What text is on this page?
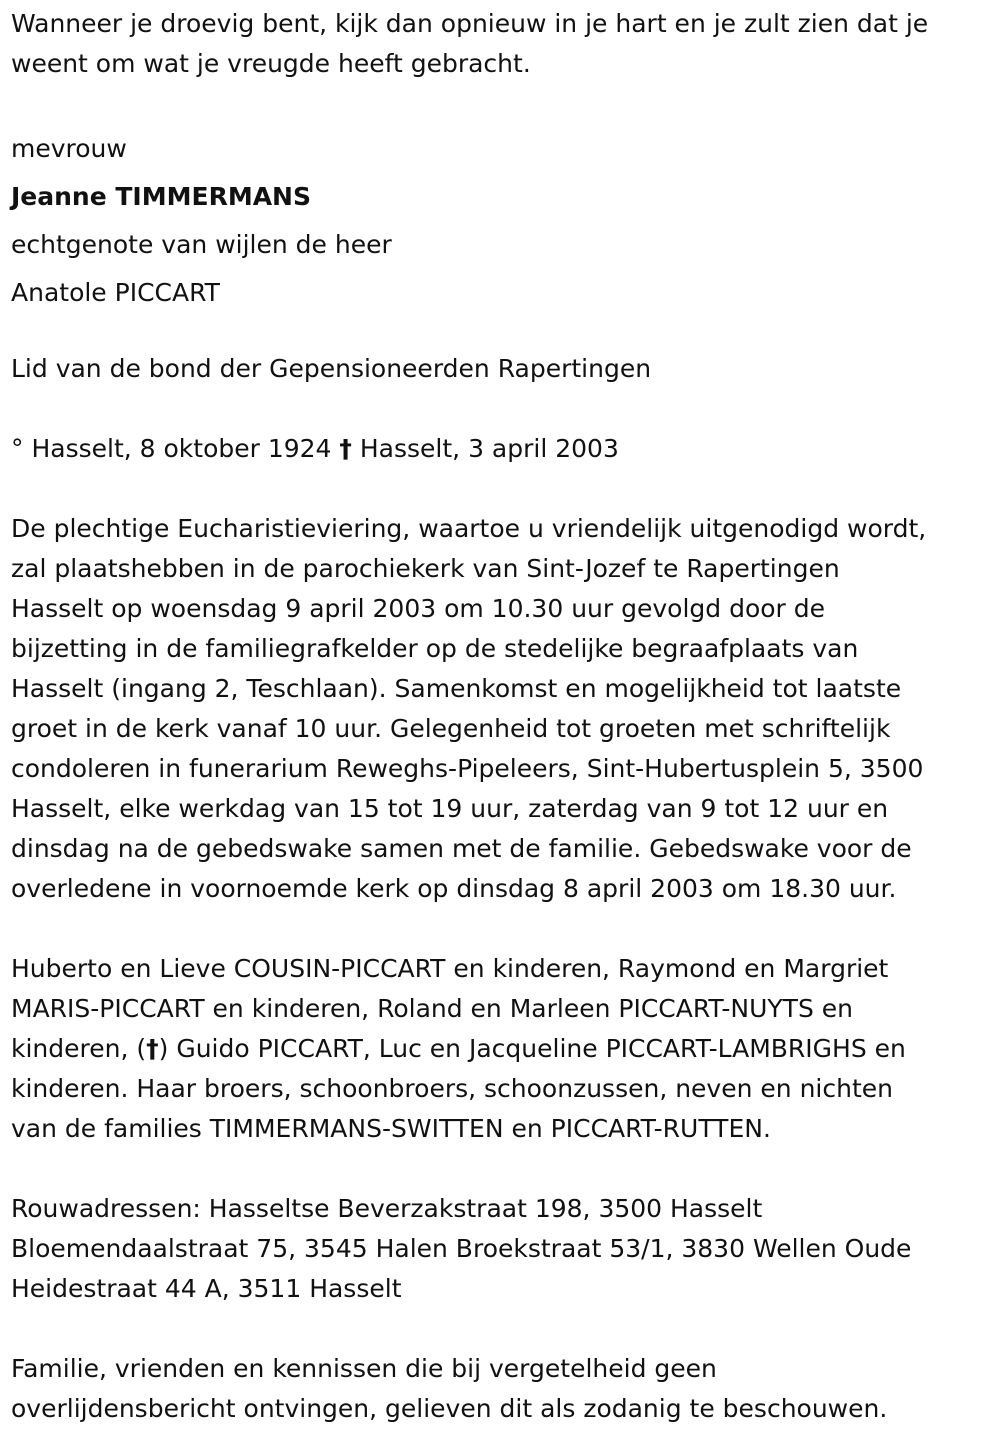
Wanneer je droevig bent, kijk dan opnieuw in je hart en je zult zien dat je
weent om wat je vreugde heeft gebracht.
mevrouw
Jeanne TIMMERMANS
echtgenote van wijlen de heer
Anatole PICCART
Lid van de bond der Gepensioneerden Rapertingen
° Hasselt, 8 oktober 1924 † Hasselt, 3 april 2003
De plechtige Eucharistieviering, waartoe u vriendelijk uitgenodigd wordt,
zal plaatshebben in de parochiekerk van Sint-Jozef te Rapertingen
Hasselt op woensdag 9 april 2003 om 10.30 uur gevolgd door de
bijzetting in de familiegrafkelder op de stedelijke begraafplaats van
Hasselt (ingang 2, Teschlaan). Samenkomst en mogelijkheid tot laatste
groet in de kerk vanaf 10 uur. Gelegenheid tot groeten met schriftelijk
condoleren in funerarium Reweghs-Pipeleers, Sint-Hubertusplein 5, 3500
Hasselt, elke werkdag van 15 tot 19 uur, zaterdag van 9 tot 12 uur en
dinsdag na de gebedswake samen met de familie. Gebedswake voor de
overledene in voornoemde kerk op dinsdag 8 april 2003 om 18.30 uur.
Huberto en Lieve COUSIN-PICCART en kinderen, Raymond en Margriet
MARIS-PICCART en kinderen, Roland en Marleen PICCART-NUYTS en
kinderen, (†) Guido PICCART, Luc en Jacqueline PICCART-LAMBRIGHS en
kinderen. Haar broers, schoonbroers, schoonzussen, neven en nichten
van de families TIMMERMANS-SWITTEN en PICCART-RUTTEN.
Rouwadressen: Hasseltse Beverzakstraat 198, 3500 Hasselt
Bloemendaalstraat 75, 3545 Halen Broekstraat 53/1, 3830 Wellen Oude
Heidestraat 44 A, 3511 Hasselt
Familie, vrienden en kennissen die bij vergetelheid geen
overlijdensbericht ontvingen, gelieven dit als zodanig te beschouwen.
